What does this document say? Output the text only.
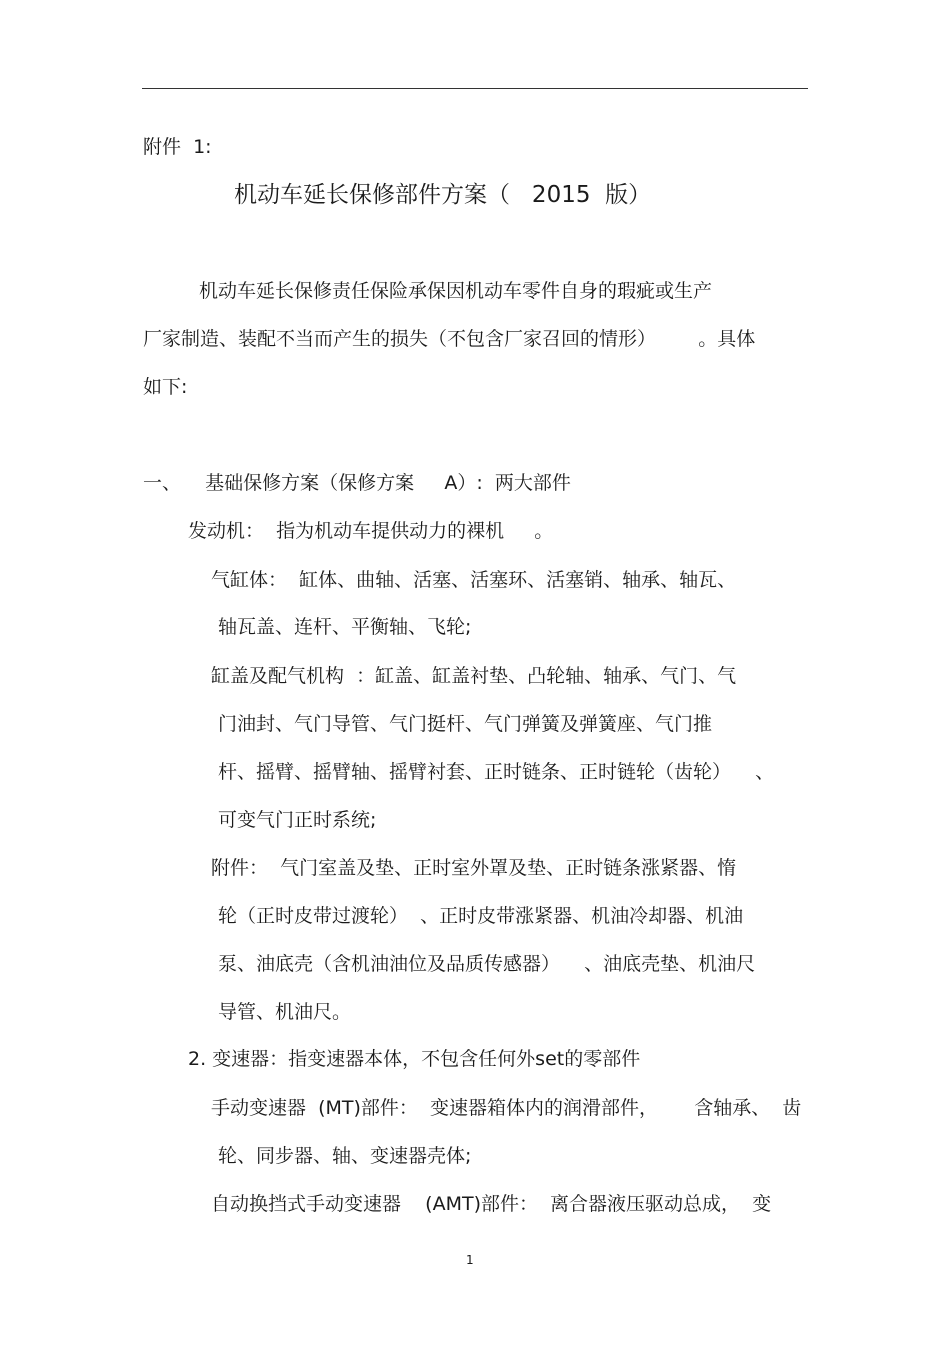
附件  1:
机动车延长保修部件方案（   2015  版）
机动车延长保修责任保险承保因机动车零件自身的瑕疵或生产
厂家制造、装配不当而产生的损失（不包含厂家召回的情形）       。具体
如下:
一、    基础保修方案（保修方案     A）:  两大部件
发动机：  指为机动车提供动力的裸机     。
气缸体：  缸体、曲轴、活塞、活塞环、活塞销、轴承、轴瓦、
轴瓦盖、连杆、平衡轴、飞轮;
缸盖及配气机构  ：缸盖、缸盖衬垫、凸轮轴、轴承、气门、气
门油封、气门导管、气门挺杆、气门弹簧及弹簧座、气门推
杆、摇臂、摇臂轴、摇臂衬套、正时链条、正时链轮（齿轮）    、
可变气门正时系统;
附件：  气门室盖及垫、正时室外罩及垫、正时链条涨紧器、惰
轮（正时皮带过渡轮）  、正时皮带涨紧器、机油冷却器、机油
泵、油底壳（含机油油位及品质传感器）    、油底壳垫、机油尺
导管、机油尺。
2. 变速器：指变速器本体，不包含任何外set的零部件
手动变速器  (MT)部件：  变速器箱体内的润滑部件，      含轴承、  齿
轮、同步器、轴、变速器壳体;
自动换挡式手动变速器    (AMT)部件：  离合器液压驱动总成，  变
1
